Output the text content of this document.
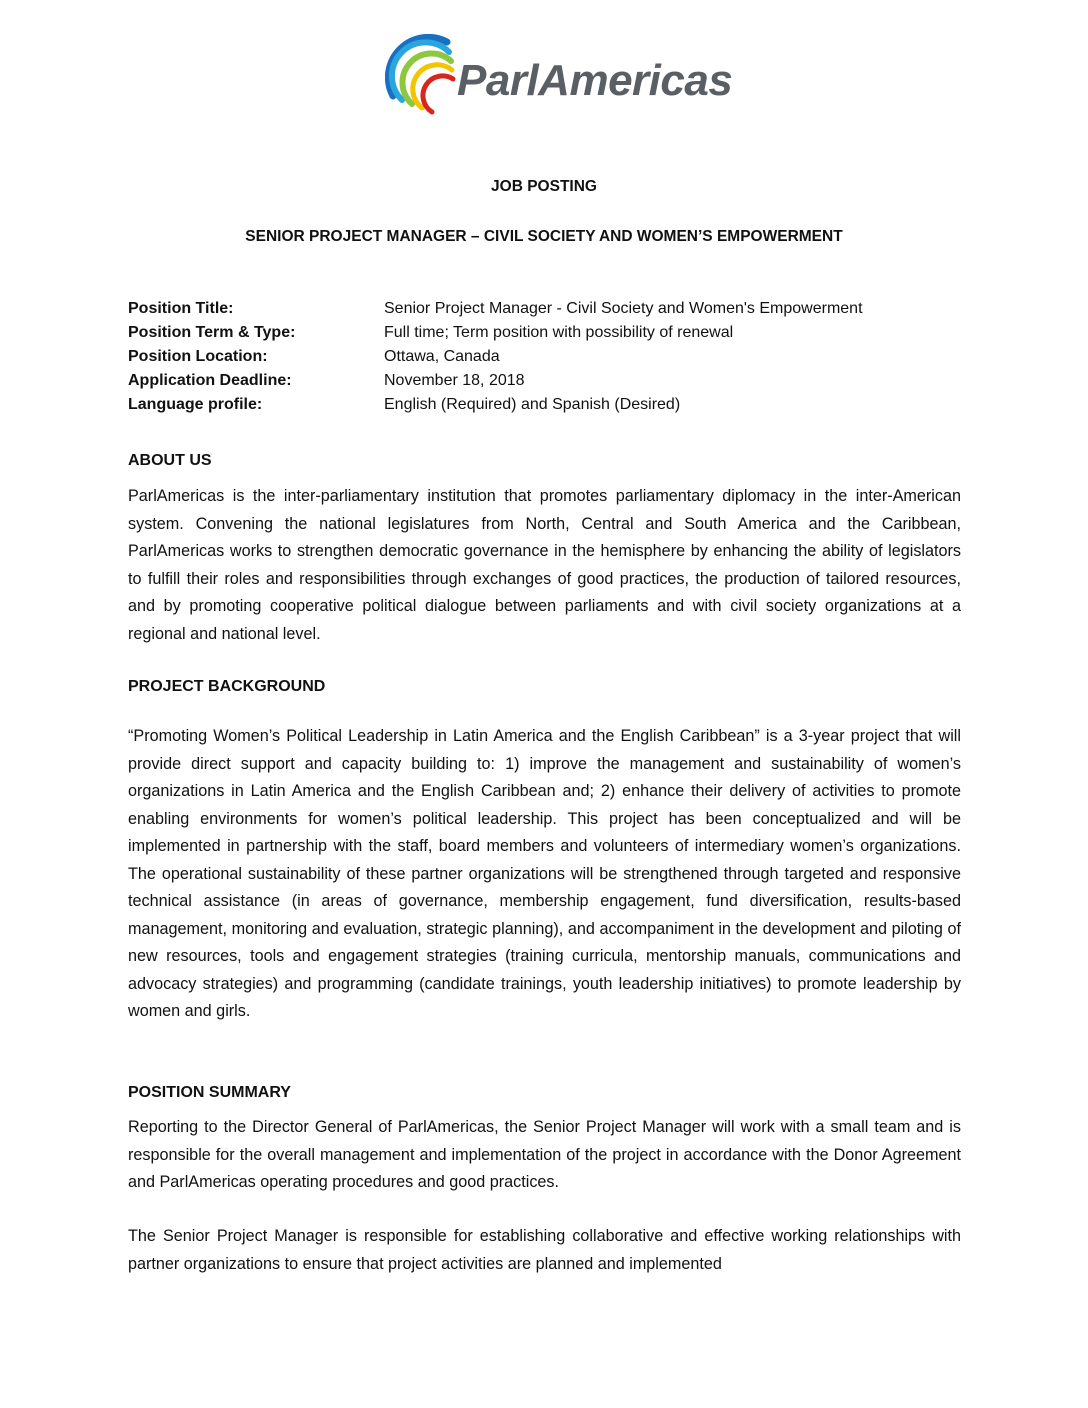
ParlAmericas
JOB POSTING
SENIOR PROJECT MANAGER – CIVIL SOCIETY AND WOMEN’S EMPOWERMENT
Position Title:	Senior Project Manager - Civil Society and Women's Empowerment
Position Term & Type:	Full time; Term position with possibility of renewal
Position Location:	Ottawa, Canada
Application Deadline:	November 18, 2018
Language profile:	English (Required) and Spanish (Desired)
ABOUT US

ParlAmericas is the inter-parliamentary institution that promotes parliamentary diplomacy in the inter-American system. Convening the national legislatures from North, Central and South America and the Caribbean, ParlAmericas works to strengthen democratic governance in the hemisphere by enhancing the ability of legislators to fulfill their roles and responsibilities through exchanges of good practices, the production of tailored resources, and by promoting cooperative political dialogue between parliaments and with civil society organizations at a regional and national level.

PROJECT BACKGROUND

“Promoting Women’s Political Leadership in Latin America and the English Caribbean” is a 3-year project that will provide direct support and capacity building to: 1) improve the management and sustainability of women’s organizations in Latin America and the English Caribbean and; 2) enhance their delivery of activities to promote enabling environments for women’s political leadership. This project has been conceptualized and will be implemented in partnership with the staff, board members and volunteers of intermediary women’s organizations. The operational sustainability of these partner organizations will be strengthened through targeted and responsive technical assistance (in areas of governance, membership engagement, fund diversification, results-based management, monitoring and evaluation, strategic planning), and accompaniment in the development and piloting of new resources, tools and engagement strategies (training curricula, mentorship manuals, communications and advocacy strategies) and programming (candidate trainings, youth leadership initiatives) to promote leadership by women and girls.

POSITION SUMMARY

Reporting to the Director General of ParlAmericas, the Senior Project Manager will work with a small team and is responsible for the overall management and implementation of the project in accordance with the Donor Agreement and ParlAmericas operating procedures and good practices.

The Senior Project Manager is responsible for establishing collaborative and effective working relationships with partner organizations to ensure that project activities are planned and implemented
